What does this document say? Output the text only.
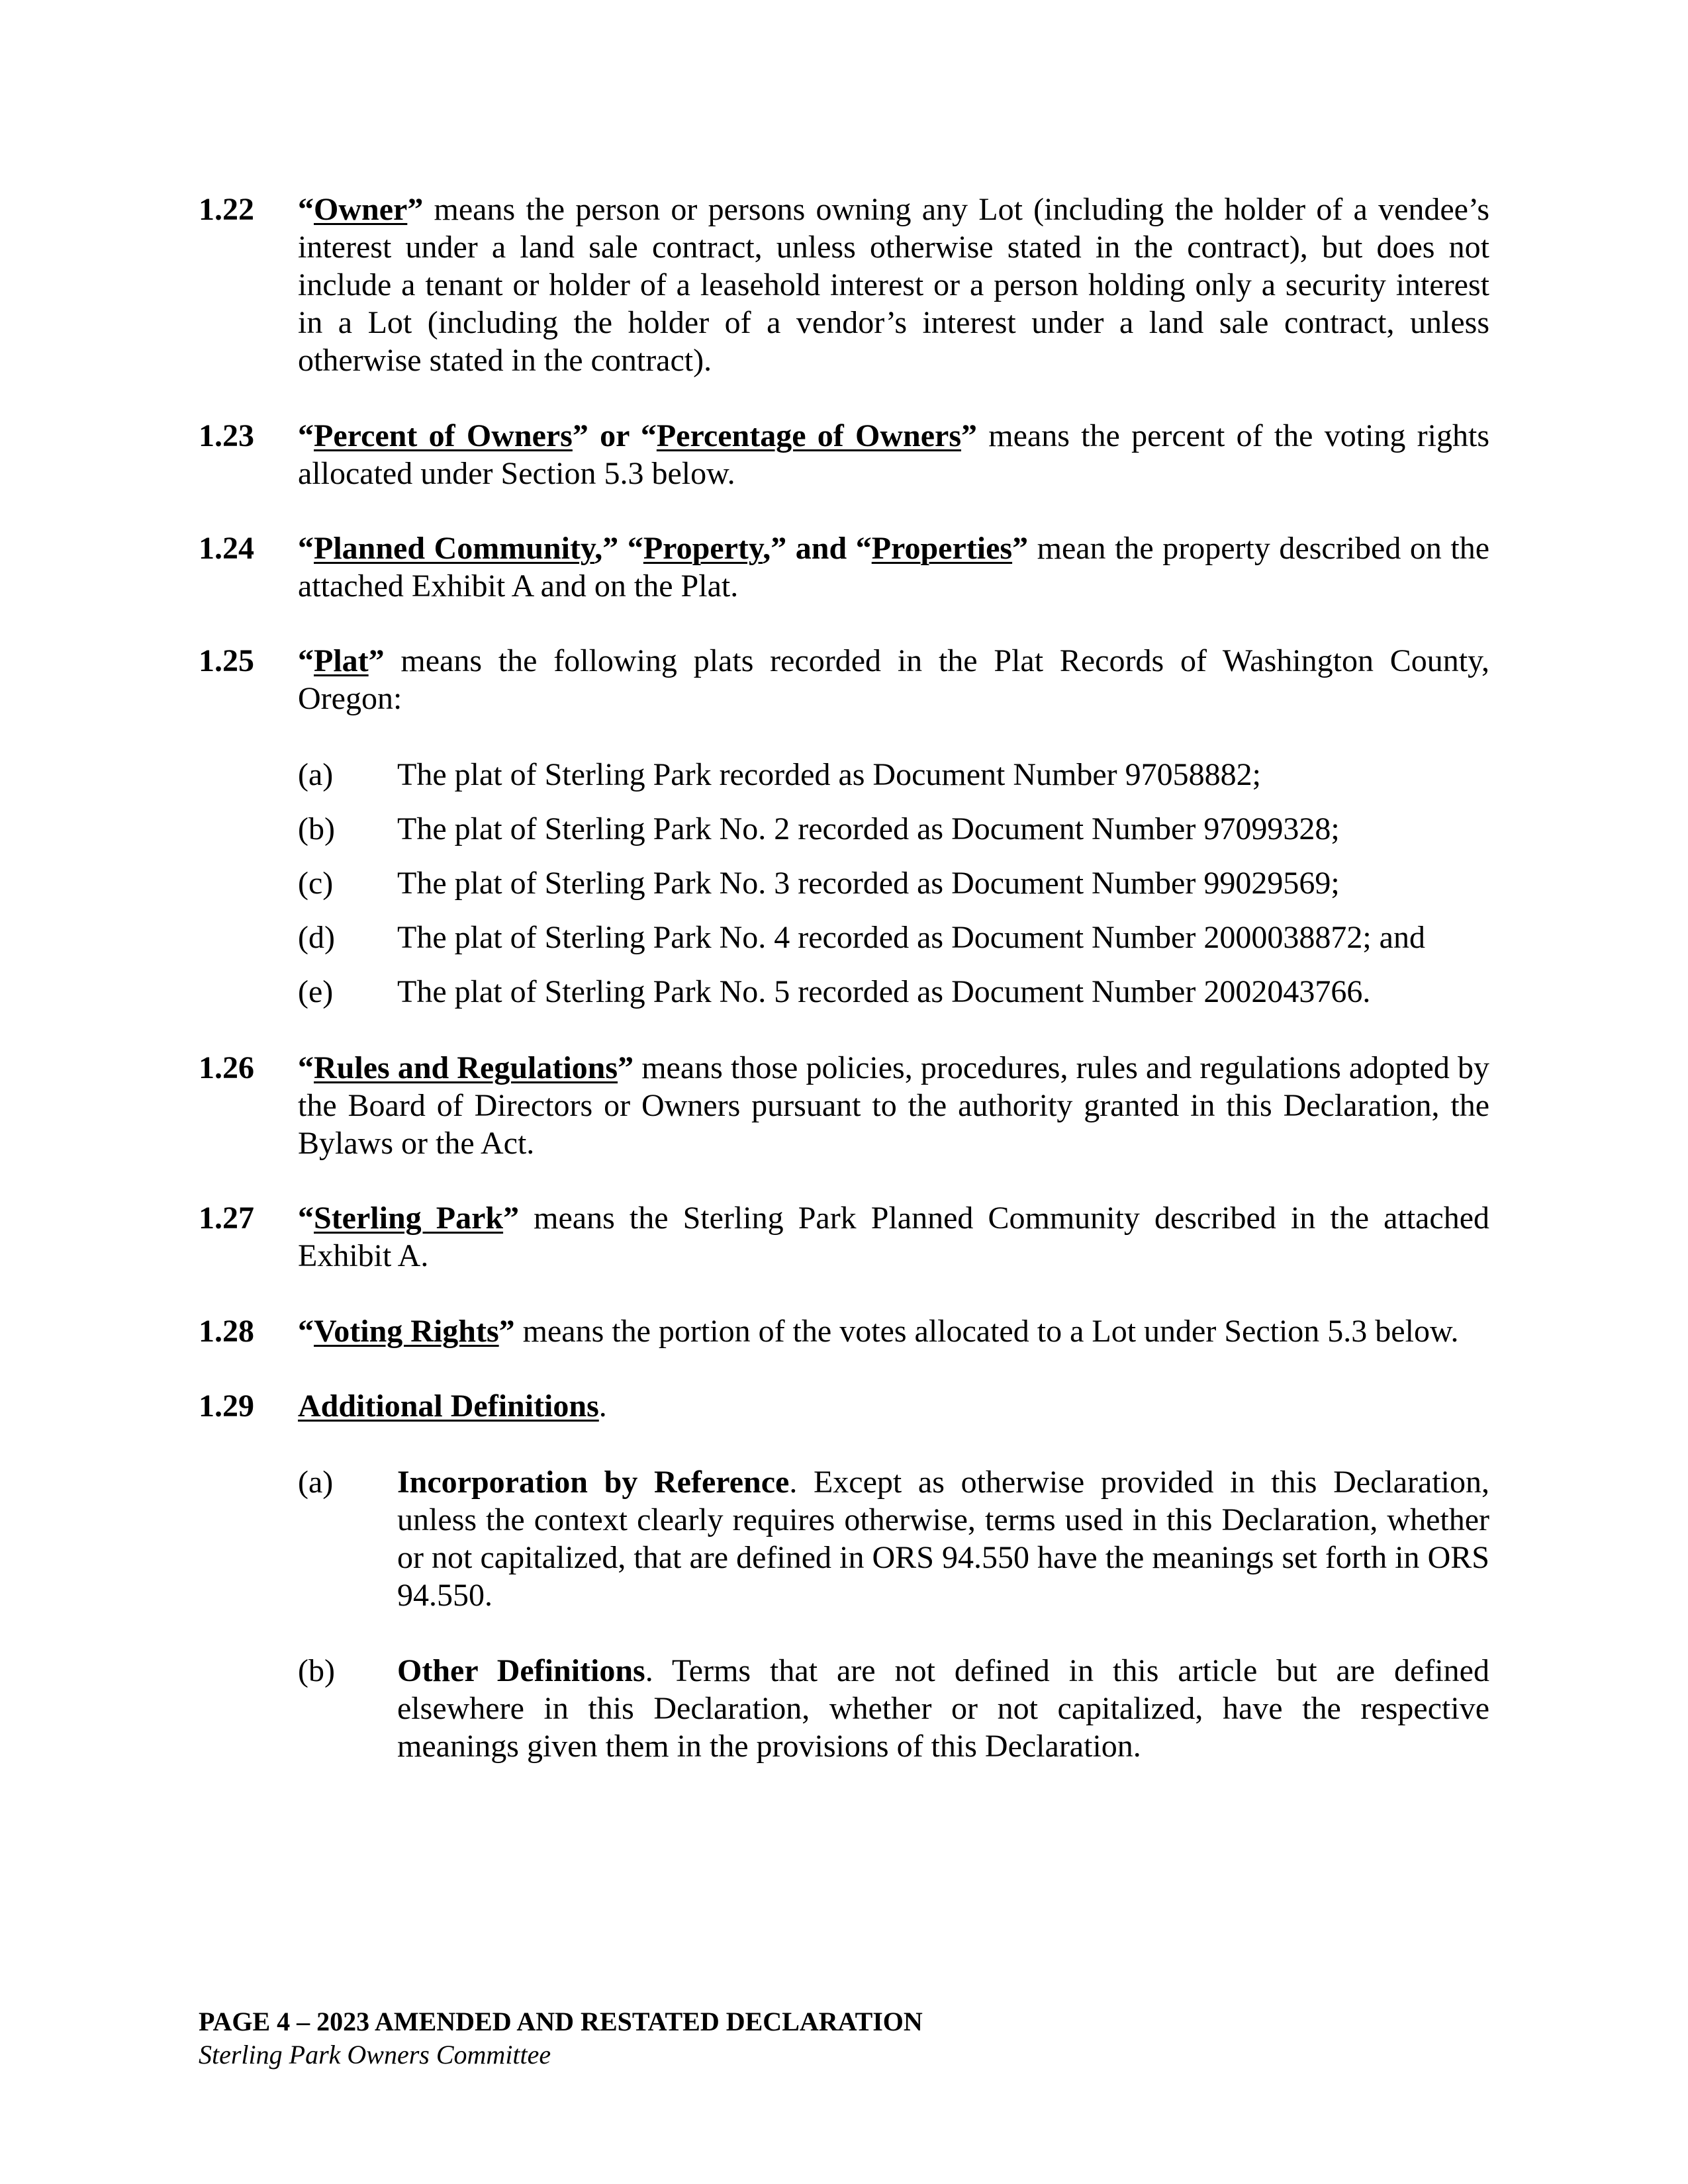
1.22	“Owner” means the person or persons owning any Lot (including the holder of a vendee’s interest under a land sale contract, unless otherwise stated in the contract), but does not include a tenant or holder of a leasehold interest or a person holding only a security interest in a Lot (including the holder of a vendor’s interest under a land sale contract, unless otherwise stated in the contract).
1.23	“Percent of Owners” or “Percentage of Owners” means the percent of the voting rights allocated under Section 5.3 below.
1.24	“Planned Community,” “Property,” and “Properties” mean the property described on the attached Exhibit A and on the Plat.
1.25	“Plat” means the following plats recorded in the Plat Records of Washington County, Oregon:
(a)	The plat of Sterling Park recorded as Document Number 97058882;
(b)	The plat of Sterling Park No. 2 recorded as Document Number 97099328;
(c)	The plat of Sterling Park No. 3 recorded as Document Number 99029569;
(d)	The plat of Sterling Park No. 4 recorded as Document Number 2000038872; and
(e)	The plat of Sterling Park No. 5 recorded as Document Number 2002043766.
1.26	“Rules and Regulations” means those policies, procedures, rules and regulations adopted by the Board of Directors or Owners pursuant to the authority granted in this Declaration, the Bylaws or the Act.
1.27	“Sterling Park” means the Sterling Park Planned Community described in the attached Exhibit A.
1.28	“Voting Rights” means the portion of the votes allocated to a Lot under Section 5.3 below.
1.29	Additional Definitions.
(a)	Incorporation by Reference. Except as otherwise provided in this Declaration, unless the context clearly requires otherwise, terms used in this Declaration, whether or not capitalized, that are defined in ORS 94.550 have the meanings set forth in ORS 94.550.
(b)	Other Definitions. Terms that are not defined in this article but are defined elsewhere in this Declaration, whether or not capitalized, have the respective meanings given them in the provisions of this Declaration.
PAGE 4 – 2023 AMENDED AND RESTATED DECLARATION
Sterling Park Owners Committee
